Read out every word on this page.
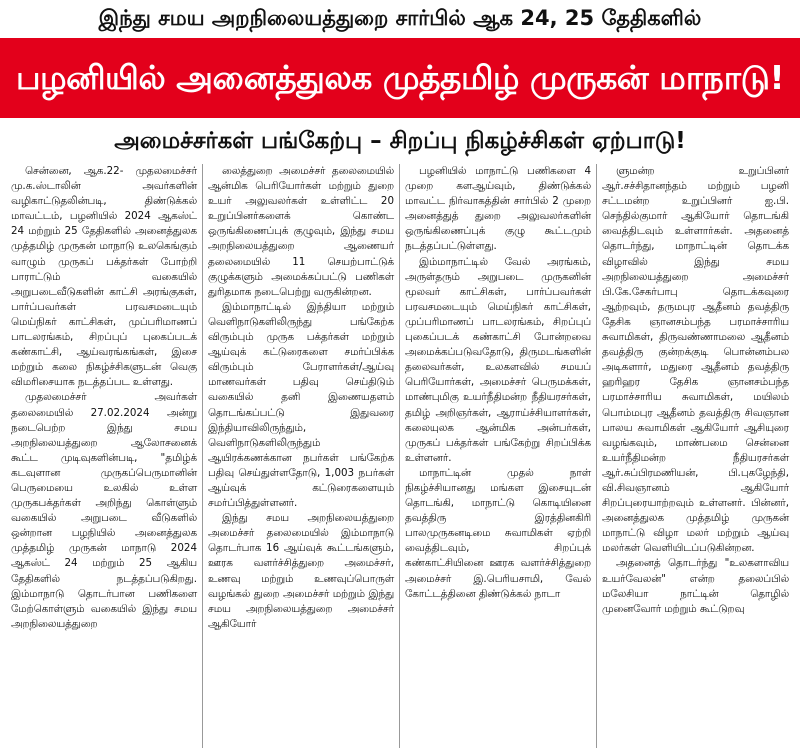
இந்து சமய அறநிலையத்துறை சார்பில் ஆக 24, 25 தேதிகளில்
பழனியில் அனைத்துலக முத்தமிழ் முருகன் மாநாடு!
அமைச்சர்கள் பங்கேற்பு – சிறப்பு நிகழ்ச்சிகள் ஏற்பாடு!

சென்னை, ஆக.22- முதலமைச்சர் மு.க.ஸ்டாலின் அவர்களின் வழிகாட்டுதலின்படி, திண்டுக்கல் மாவட்டம், பழனியில் 2024 ஆகஸ்ட் 24 மற்றும் 25 தேதிகளில் அனைத்துலக முத்தமிழ் முருகன் மாநாடு உலகெங்கும் வாழும் முருகப் பக்தர்கள் போற்றி பாராட்டும் வகையில் அறுபடைவீடுகளின் காட்சி அரங்குகள், பார்ப்பவர்கள் பரவசமடையும் மெய்நிகர் காட்சிகள், முப்பரிமாணப் பாடலரங்கம், சிறப்புப் புகைப்படக் கண்காட்சி, ஆய்வரங்கங்கள், இசை மற்றும் கலை நிகழ்ச்சிகளுடன் வெகு விமரிசையாக நடத்தப்பட உள்ளது.

முதலமைச்சர் அவர்கள் தலைமையில் 27.02.2024 அன்று நடைபெற்ற இந்து சமய அறநிலையத்துறை ஆலோசனைக் கூட்ட முடிவுகளின்படி, "தமிழ்க் கடவுளான முருகப்பெருமானின் பெருமையை உலகில் உள்ள முருகபக்தர்கள் அறிந்து கொள்ளும் வகையில் அறுபடை வீடுகளில் ஒன்றான பழநியில் அனைத்துலக முத்தமிழ் முருகன் மாநாடு 2024 ஆகஸ்ட் 24 மற்றும் 25 ஆகிய தேதிகளில் நடத்தப்படுகிறது. இம்மாநாடு தொடர்பான பணிகளை மேற்கொள்ளும் வகையில் இந்து சமய அறநிலையத்துறை

லைத்துறை அமைச்சர் தலைமையில் ஆன்மிக பெரியோர்கள் மற்றும் துறை உயர் அலுவலர்கள் உள்ளிட்ட 20 உறுப்பினர்களைக் கொண்ட ஒருங்கிணைப்புக் குழுவும், இந்து சமய அறநிலையத்துறை ஆணையர் தலைமையில் 11 செயற்பாட்டுக் குழுக்களும் அமைக்கப்பட்டு பணிகள் துரிதமாக நடைபெற்று வருகின்றன.

இம்மாநாட்டில் இந்தியா மற்றும் வெளிநாடுகளிலிருந்து பங்கேற்க விரும்பும் முருக பக்தர்கள் மற்றும் ஆய்வுக் கட்டுரைகளை சமர்ப்பிக்க விரும்பும் பேராளர்கள்/ஆய்வு மாணவர்கள் பதிவு செய்திடும் வகையில் தனி இணையதளம் தொடங்கப்பட்டு இதுவரை இந்தியாவிலிருந்தும், வெளிநாடுகளிலிருந்தும் ஆயிரக்கணக்கான நபர்கள் பங்கேற்க பதிவு செய்துள்ளதோடு, 1,003 நபர்கள் ஆய்வுக் கட்டுரைகளையும் சமர்ப்பித்துள்ளனர்.

இந்து சமய அறநிலையத்துறை அமைச்சர் தலைமையில் இம்மாநாடு தொடர்பாக 16 ஆய்வுக் கூட்டங்களும், ஊரக வளர்ச்சித்துறை அமைச்சர், உணவு மற்றும் உணவுப்பொருள் வழங்கல் துறை அமைச்சர் மற்றும் இந்து சமய அறநிலையத்துறை அமைச்சர் ஆகியோர்

பழனியில் மாநாட்டு பணிகளை 4 முறை களஆய்வும், திண்டுக்கல் மாவட்ட நிர்வாகத்தின் சார்பில் 2 முறை அனைத்துத் துறை அலுவலர்களின் ஒருங்கிணைப்புக் குழு கூட்டமும் நடத்தப்பட்டுள்ளது.

இம்மாநாட்டில் வேல் அரங்கம், அருள்தரும் அறுபடை முருகனின் மூலவர் காட்சிகள், பார்ப்பவர்கள் பரவசமடையும் மெய்நிகர் காட்சிகள், முப்பரிமாணப் பாடலரங்கம், சிறப்புப் புகைப்படக் கண்காட்சி போன்றவை அமைக்கப்படுவதோடு, திருமடங்களின் தலைவர்கள், உலகளவில் சமயப் பெரியோர்கள், அமைச்சர் பெருமக்கள், மாண்புமிகு உயர்நீதிமன்ற நீதியரசர்கள், தமிழ் அறிஞர்கள், ஆராய்ச்சியாளர்கள், கலையுலக ஆன்மிக அன்பர்கள், முருகப் பக்தர்கள் பங்கேற்று சிறப்பிக்க உள்ளனர்.

மாநாட்டின் முதல் நாள் நிகழ்ச்சியானது மங்கள இசையுடன் தொடங்கி, மாநாட்டு கொடியினை தவத்திரு இரத்தினகிரி பாலமுருகனடிமை சுவாமிகள் ஏற்றி வைத்திடவும், சிறப்புக் கண்காட்சியினை ஊரக வளர்ச்சித்துறை அமைச்சர் இ.பெரியசாமி, வேல் கோட்டத்தினை திண்டுக்கல் நாடா

ளுமன்ற உறுப்பினர் ஆர்.சச்சிதானந்தம் மற்றும் பழனி சட்டமன்ற உறுப்பினர் ஐ.பி. செந்தில்குமார் ஆகியோர் தொடங்கி வைத்திடவும் உள்ளார்கள். அதனைத் தொடர்ந்து, மாநாட்டின் தொடக்க விழாவில் இந்து சமய அறநிலையத்துறை அமைச்சர் பி.கே.சேகர்பாபு தொடக்கவுரை ஆற்றவும், தருமபுர ஆதீனம் தவத்திரு தேசிக ஞானசம்பந்த பரமாச்சாரிய சுவாமிகள், திருவண்ணாமலை ஆதீனம் தவத்திரு குன்றக்குடி பொன்னம்பல அடிகளார், மதுரை ஆதீனம் தவத்திரு ஹரிஹர தேசிக ஞானசம்பந்த பரமாச்சாரிய சுவாமிகள், மயிலம் பொம்மபுர ஆதீனம் தவத்திரு சிவஞான பாலய சுவாமிகள் ஆகியோர் ஆசியுரை வழங்கவும், மாண்பமை சென்னை உயர்நீதிமன்ற நீதியரசர்கள் ஆர்.சுப்பிரமணியன், பி.புகழேந்தி, வி.சிவஞானம் ஆகியோர் சிறப்புரையாற்றவும் உள்ளனர். பின்னர், அனைத்துலக முத்தமிழ் முருகன் மாநாட்டு விழா மலர் மற்றும் ஆய்வு மலர்கள் வெளியிடப்படுகின்றன.

அதனைத் தொடர்ந்து "உலகளாவிய உயர்வேலன்" என்ற தலைப்பில் மலேசியா நாட்டின் தொழில் முனைவோர் மற்றும் கூட்டுறவு
